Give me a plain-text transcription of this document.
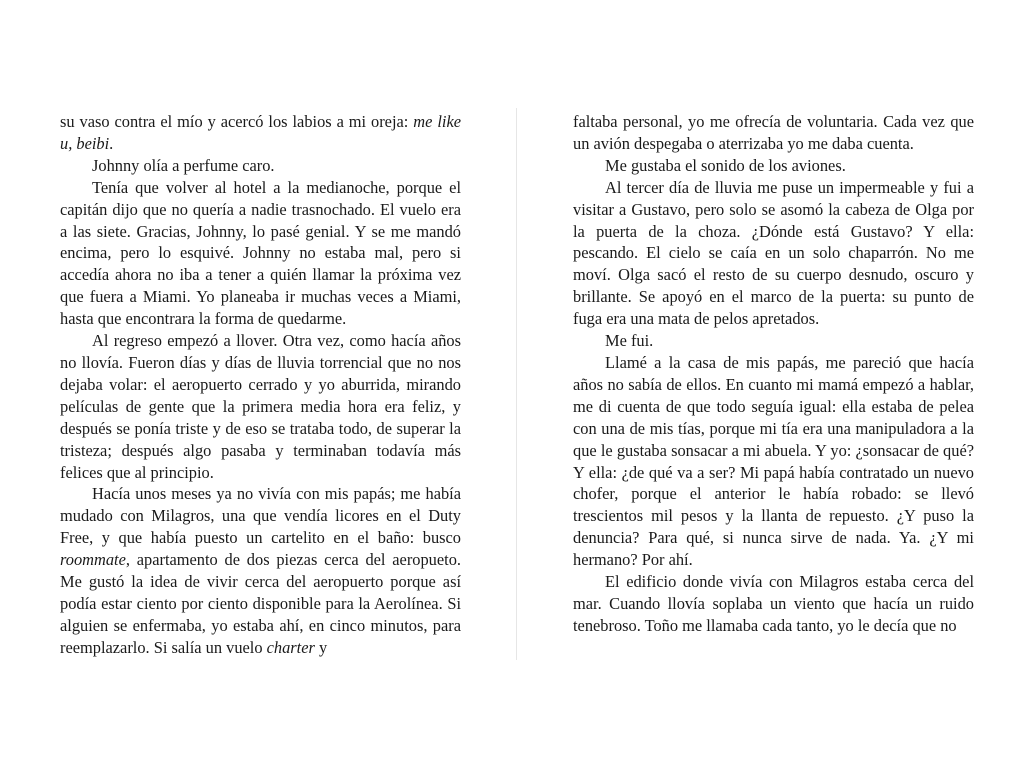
su vaso contra el mío y acercó los labios a mi oreja: me like u, beibi.

Johnny olía a perfume caro.

Tenía que volver al hotel a la medianoche, porque el capitán dijo que no quería a nadie trasnochado. El vuelo era a las siete. Gracias, Johnny, lo pasé genial. Y se me mandó encima, pero lo esquivé. Johnny no estaba mal, pero si accedía ahora no iba a tener a quién llamar la próxima vez que fuera a Miami. Yo planeaba ir muchas veces a Miami, hasta que encontrara la forma de quedarme.

Al regreso empezó a llover. Otra vez, como hacía años no llovía. Fueron días y días de lluvia torrencial que no nos dejaba volar: el aeropuerto cerrado y yo aburrida, mirando películas de gente que la primera media hora era feliz, y después se ponía triste y de eso se trataba todo, de superar la tristeza; después algo pasaba y terminaban todavía más felices que al principio.

Hacía unos meses ya no vivía con mis papás; me había mudado con Milagros, una que vendía licores en el Duty Free, y que había puesto un cartelito en el baño: busco roommate, apartamento de dos piezas cerca del aeropueto. Me gustó la idea de vivir cerca del aeropuerto porque así podía estar ciento por ciento disponible para la Aerolínea. Si alguien se enfermaba, yo estaba ahí, en cinco minutos, para reemplazarlo. Si salía un vuelo charter y

faltaba personal, yo me ofrecía de voluntaria. Cada vez que un avión despegaba o aterrizaba yo me daba cuenta.

Me gustaba el sonido de los aviones.

Al tercer día de lluvia me puse un impermeable y fui a visitar a Gustavo, pero solo se asomó la cabeza de Olga por la puerta de la choza. ¿Dónde está Gustavo? Y ella: pescando. El cielo se caía en un solo chaparrón. No me moví. Olga sacó el resto de su cuerpo desnudo, oscuro y brillante. Se apoyó en el marco de la puerta: su punto de fuga era una mata de pelos apretados.

Me fui.

Llamé a la casa de mis papás, me pareció que hacía años no sabía de ellos. En cuanto mi mamá empezó a hablar, me di cuenta de que todo seguía igual: ella estaba de pelea con una de mis tías, porque mi tía era una manipuladora a la que le gustaba sonsacar a mi abuela. Y yo: ¿sonsacar de qué? Y ella: ¿de qué va a ser? Mi papá había contratado un nuevo chofer, porque el anterior le había robado: se llevó trescientos mil pesos y la llanta de repuesto. ¿Y puso la denuncia? Para qué, si nunca sirve de nada. Ya. ¿Y mi hermano? Por ahí.

El edificio donde vivía con Milagros estaba cerca del mar. Cuando llovía soplaba un viento que hacía un ruido tenebroso. Toño me llamaba cada tanto, yo le decía que no
